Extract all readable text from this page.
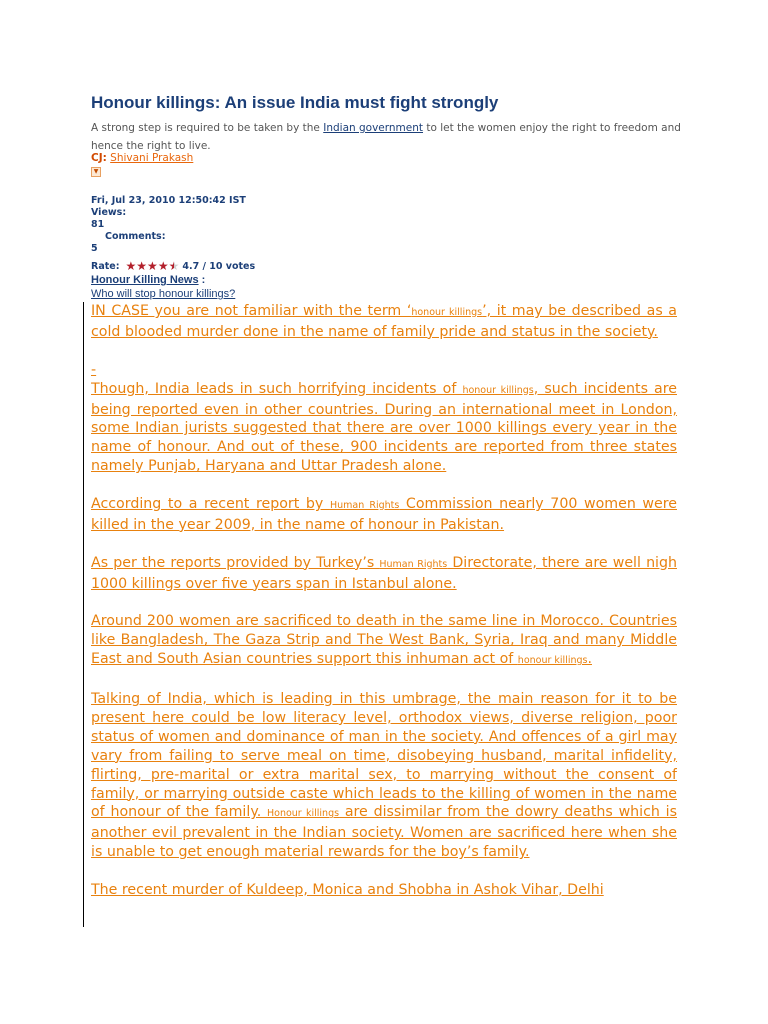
Honour killings: An issue India must fight strongly
A strong step is required to be taken by the Indian government to let the women enjoy the right to freedom and hence the right to live.
CJ: Shivani Prakash
▼
Fri, Jul 23, 2010 12:50:42 IST
Views:
81
Comments:
5
Rate: ★ ★ ★ ★ ★ 4.7 / 10 votes
Honour Killing News :
Who will stop honour killings?

IN CASE you are not familiar with the term ‘honour killings’, it may be described as a cold blooded murder done in the name of family pride and status in the society.

-

Though, India leads in such horrifying incidents of honour killings, such incidents are being reported even in other countries. During an international meet in London, some Indian jurists suggested that there are over 1000 killings every year in the name of honour. And out of these, 900 incidents are reported from three states namely Punjab, Haryana and Uttar Pradesh alone.

According to a recent report by Human Rights Commission nearly 700 women were killed in the year 2009, in the name of honour in Pakistan.

As per the reports provided by Turkey’s Human Rights Directorate, there are well nigh 1000 killings over five years span in Istanbul alone.

Around 200 women are sacrificed to death in the same line in Morocco. Countries like Bangladesh, The Gaza Strip and The West Bank, Syria, Iraq and many Middle East and South Asian countries support this inhuman act of honour killings.

Talking of India, which is leading in this umbrage, the main reason for it to be present here could be low literacy level, orthodox views, diverse religion, poor status of women and dominance of man in the society. And offences of a girl may vary from failing to serve meal on time, disobeying husband, marital infidelity, flirting, pre-marital or extra marital sex, to marrying without the consent of family, or marrying outside caste which leads to the killing of women in the name of honour of the family. Honour killings are dissimilar from the dowry deaths which is another evil prevalent in the Indian society. Women are sacrificed here when she is unable to get enough material rewards for the boy’s family.

The recent murder of Kuldeep, Monica and Shobha in Ashok Vihar, Delhi
